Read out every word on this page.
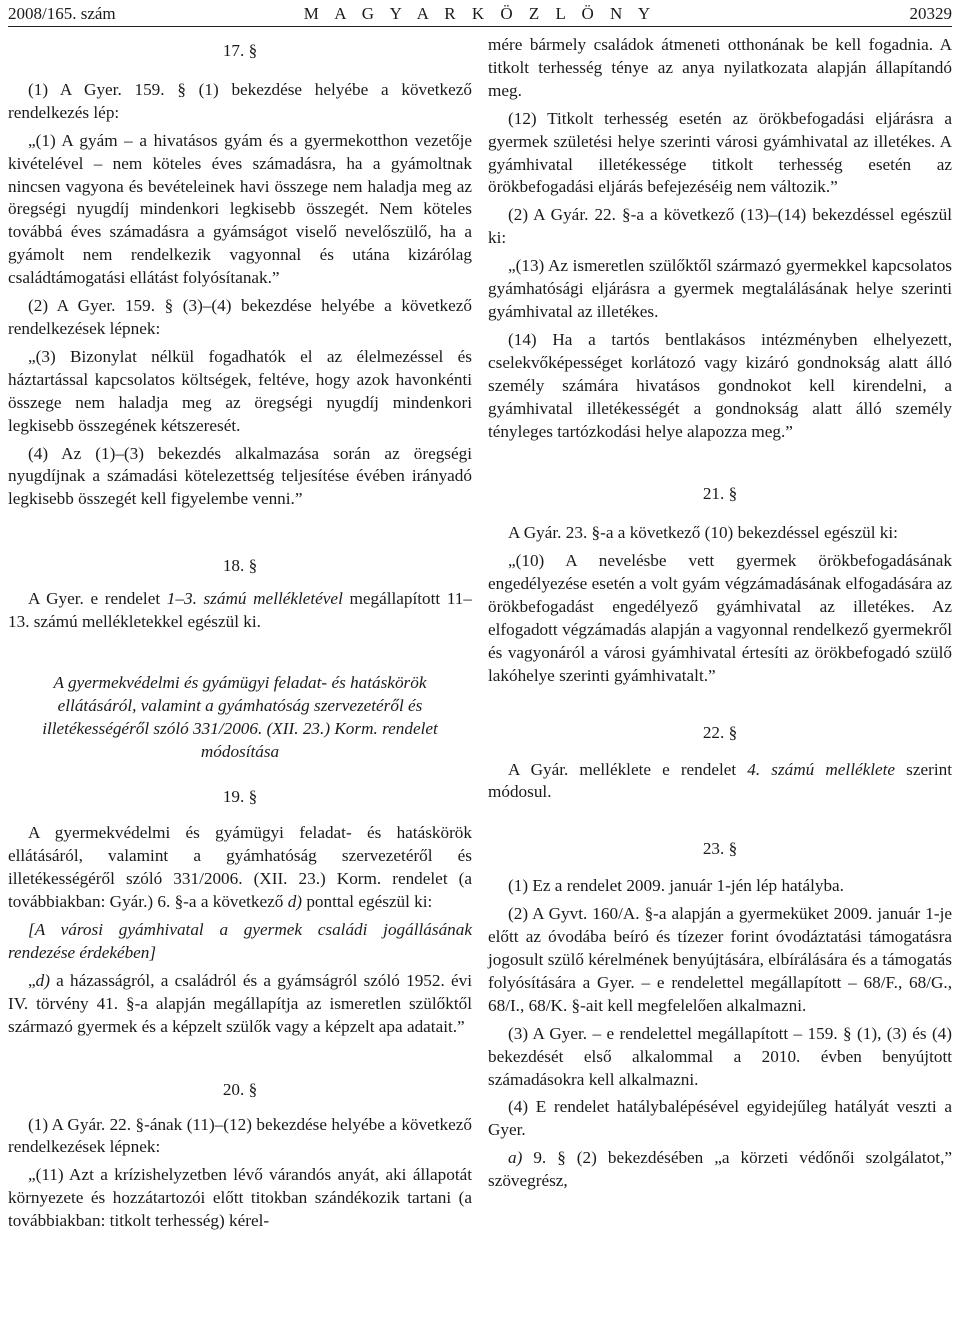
2008/165. szám	M A G Y A R K Ö Z L Ö N Y	20329

17. §

(1) A Gyer. 159. § (1) bekezdése helyébe a következő rendelkezés lép:

„(1) A gyám – a hivatásos gyám és a gyermekotthon vezetője kivételével – nem köteles éves számadásra, ha a gyámoltnak nincsen vagyona és bevételeinek havi összege nem haladja meg az öregségi nyugdíj mindenkori legkisebb összegét. Nem köteles továbbá éves számadásra a gyámságot viselő nevelőszülő, ha a gyámolt nem rendelkezik vagyonnal és utána kizárólag családtámogatási ellátást folyósítanak.”

(2) A Gyer. 159. § (3)–(4) bekezdése helyébe a következő rendelkezések lépnek:

„(3) Bizonylat nélkül fogadhatók el az élelmezéssel és háztartással kapcsolatos költségek, feltéve, hogy azok havonkénti összege nem haladja meg az öregségi nyugdíj mindenkori legkisebb összegének kétszeresét.

(4) Az (1)–(3) bekezdés alkalmazása során az öregségi nyugdíjnak a számadási kötelezettség teljesítése évében irányadó legkisebb összegét kell figyelembe venni.”

18. §

A Gyer. e rendelet 1–3. számú mellékletével megállapított 11–13. számú mellékletekkel egészül ki.

A gyermekvédelmi és gyámügyi feladat- és hatáskörök ellátásáról, valamint a gyámhatóság szervezetéről és illetékességéről szóló 331/2006. (XII. 23.) Korm. rendelet módosítása

19. §

A gyermekvédelmi és gyámügyi feladat- és hatáskörök ellátásáról, valamint a gyámhatóság szervezetéről és illetékességéről szóló 331/2006. (XII. 23.) Korm. rendelet (a továbbiakban: Gyár.) 6. §-a a következő d) ponttal egészül ki:

[A városi gyámhivatal a gyermek családi jogállásának rendezése érdekében]

„d) a házasságról, a családról és a gyámságról szóló 1952. évi IV. törvény 41. §-a alapján megállapítja az ismeretlen szülőktől származó gyermek és a képzelt szülők vagy a képzelt apa adatait.”

20. §

(1) A Gyár. 22. §-ának (11)–(12) bekezdése helyébe a következő rendelkezések lépnek:

„(11) Azt a krízishelyzetben lévő várandós anyát, aki állapotát környezete és hozzátartozói előtt titokban szándékozik tartani (a továbbiakban: titkolt terhesség) kérel-

mére bármely családok átmeneti otthonának be kell fogadnia. A titkolt terhesség tényе az anya nyilatkozata alapján állapítandó meg.

(12) Titkolt terhesség esetén az örökbefogadási eljárásra a gyermek születési helye szerinti városi gyámhivatal az illetékes. A gyámhivatal illetékessége titkolt terhesség esetén az örökbefogadási eljárás befejezéséig nem változik.”

(2) A Gyár. 22. §-a a következő (13)–(14) bekezdéssel egészül ki:

„(13) Az ismeretlen szülőktől származó gyermekkel kapcsolatos gyámhatósági eljárásra a gyermek megtalálásának helye szerinti gyámhivatal az illetékes.

(14) Ha a tartós bentlakásos intézményben elhelyezett, cselekvőképességet korlátozó vagy kizáró gondnokság alatt álló személy számára hivatásos gondnokot kell kirendelni, a gyámhivatal illetékességét a gondnokság alatt álló személy tényleges tartózkodási helye alapozza meg.”

21. §

A Gyár. 23. §-a a következő (10) bekezdéssel egészül ki:

„(10) A nevelésbe vett gyermek örökbefogadásának engedélyezése esetén a volt gyám végzámadásának elfogadására az örökbefogadást engedélyező gyámhivatal az illetékes. Az elfogadott végzámadás alapján a vagyonnal rendelkező gyermekről és vagyonáról a városi gyámhivatal értesíti az örökbefogadó szülő lakóhelye szerinti gyámhivatalt.”

22. §

A Gyár. melléklete e rendelet 4. számú melléklete szerint módosul.

23. §

(1) Ez a rendelet 2009. január 1-jén lép hatályba.

(2) A Gyvt. 160/A. §-a alapján a gyermeküket 2009. január 1-je előtt az óvodába beíró és tízezer forint óvodáztatási támogatásra jogosult szülő kérelmének benyújtására, elbírálására és a támogatás folyósítására a Gyer. – e rendelettel megállapított – 68/F., 68/G., 68/I., 68/K. §-ait kell megfelelően alkalmazni.

(3) A Gyer. – e rendelettel megállapított – 159. § (1), (3) és (4) bekezdését első alkalommal a 2010. évben benyújtott számadásokra kell alkalmazni.

(4) E rendelet hatálybalépésével egyidejűleg hatályát veszti a Gyer.

a) 9. § (2) bekezdésében „a körzeti védőnői szolgálatot,” szövegrész,
